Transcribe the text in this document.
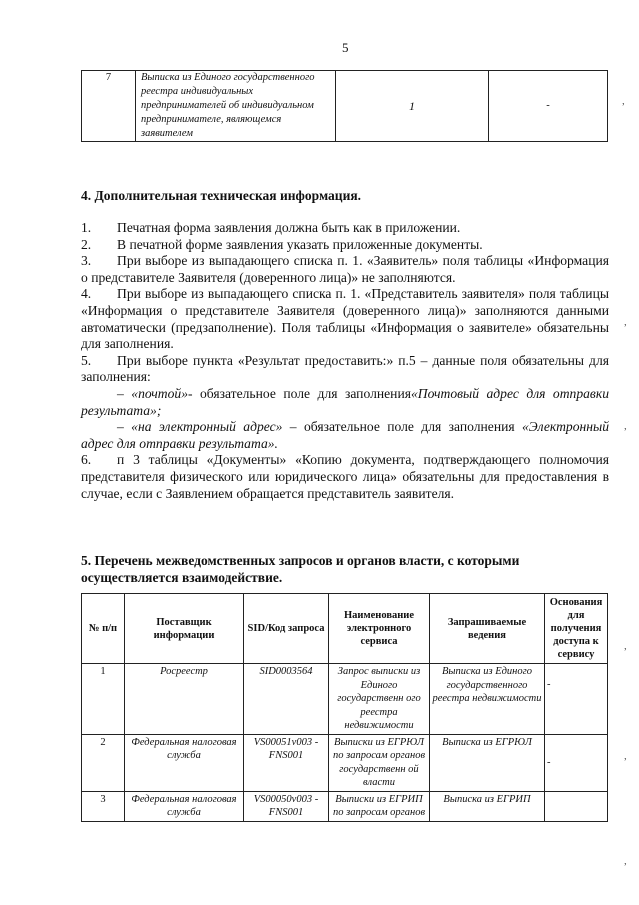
5
7	Выписка из Единого государственного реестра индивидуальных предпринимателей об индивидуальном предпринимателе, являющемся заявителем	1	-
4. Дополнительная техническая информация.

1. Печатная форма заявления должна быть как в приложении.

2. В печатной форме заявления указать приложенные документы.

3. При выборе из выпадающего списка п. 1. «Заявитель» поля таблицы «Информация о представителе Заявителя (доверенного лица)» не заполняются.

4. При выборе из выпадающего списка п. 1. «Представитель заявителя» поля таблицы «Информация о представителе Заявителя (доверенного лица)» заполняются данными автоматически (предзаполнение). Поля таблицы «Информация о заявителе» обязательны для заполнения.

5. При выборе пункта «Результат предоставить:» п.5 – данные поля обязательны для заполнения:

– «почтой»- обязательное поле для заполнения«Почтовый адрес для отправки результата»;

– «на электронный адрес» – обязательное поле для заполнения «Электронный адрес для отправки результата».

6. п 3 таблицы «Документы» «Копию документа, подтверждающего полномочия представителя физического или юридического лица» обязательны для предоставления в случае, если с Заявлением обращается представитель заявителя.

5. Перечень межведомственных запросов и органов власти, с которыми осуществляется взаимодействие.
№ п/п	Поставщик информации	SID/Код запроса	Наименование электронного сервиса	Запрашиваемые ведения	Основания для получения доступа к сервису
1	Росреестр	SID0003564	Запрос выписки из Единого государственн ого реестра недвижимости	Выписка из Единого государственного реестра недвижимости	-
2	Федеральная налоговая служба	VS00051v003 -FNS001	Выписки из ЕГРЮЛ по запросам органов государственн ой власти	Выписка из ЕГРЮЛ	-
3	Федеральная налоговая служба	VS00050v003 -FNS001	Выписки из ЕГРИП по запросам органов	Выписка из ЕГРИП	
,
,
,
,
,
,
